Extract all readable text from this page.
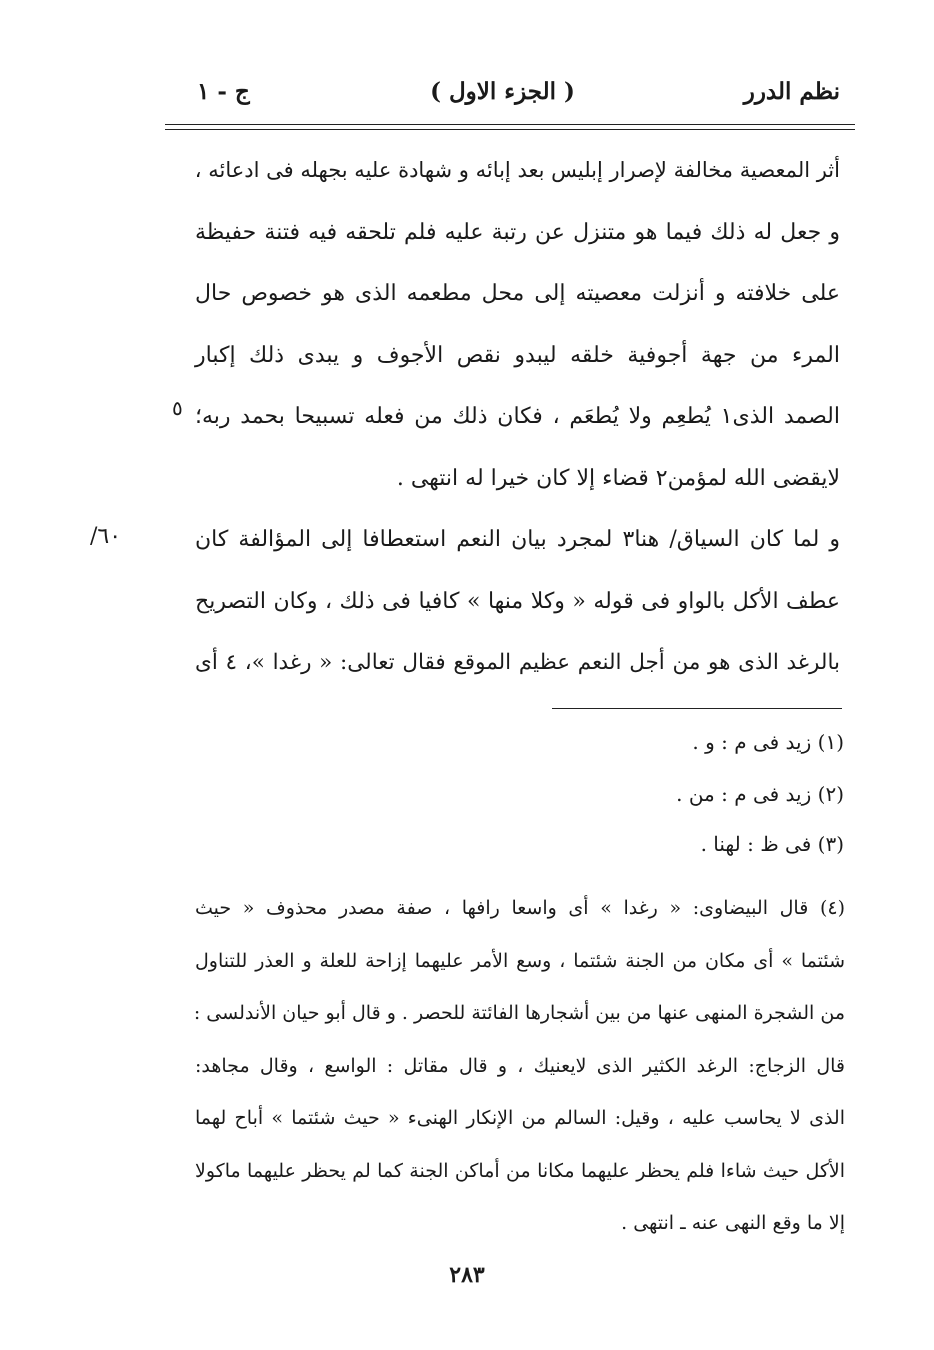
نظم الدرر
( الجزء الاول )
ج - ١
أثر المعصية مخالفة لإصرار إبليس بعد إبائه و شهادة عليه بجهله فى ادعائه ،
و جعل له ذلك فيما هو متنزل عن رتبة عليه فلم تلحقه فيه فتنة حفيظة
على خلافته و أنزلت معصيته إلى محل مطعمه الذى هو خصوص حال
المرء من جهة أجوفية خلقه ليبدو نقص الأجوف و يبدى ذلك إكبار
الصمد الذى١ يُطعِم ولا يُطعَم ، فكان ذلك من فعله تسبيحا بحمد ربه؛
لايقضى الله لمؤمن٢ قضاء إلا كان خيرا له انتهى .
و لما كان السياق/ هنا٣ لمجرد بيان النعم استعطافا إلى المؤالفة كان
عطف الأكل بالواو فى قوله « وكلا منها » كافيا فى ذلك ، وكان التصريح
بالرغد الذى هو من أجل النعم عظيم الموقع فقال تعالى: « رغدا »، ٤ أى
٥
٦٠/
(١) زيد فى م : و .
(٢) زيد فى م : من .
(٣) فى ظ : لهنا .
(٤) قال البيضاوى: « رغدا » أى واسعا رافها ، صفة مصدر محذوف « حيث
شئتما » أى مكان من الجنة شئتما ، وسع الأمر عليهما إزاحة للعلة و العذر للتناول
من الشجرة المنهى عنها من بين أشجارها الفائتة للحصر . و قال أبو حيان الأندلسى :
قال الزجاج: الرغد الكثير الذى لايعنيك ، و قال مقاتل : الواسع ، وقال مجاهد:
الذى لا يحاسب عليه ، وقيل: السالم من الإنكار الهنىء « حيث شئتما » أباح لهما
الأكل حيث شاءا فلم يحظر عليهما مكانا من أماكن الجنة كما لم يحظر عليهما ماكولا
إلا ما وقع النهى عنه ـ انتهى .
٢٨٣
